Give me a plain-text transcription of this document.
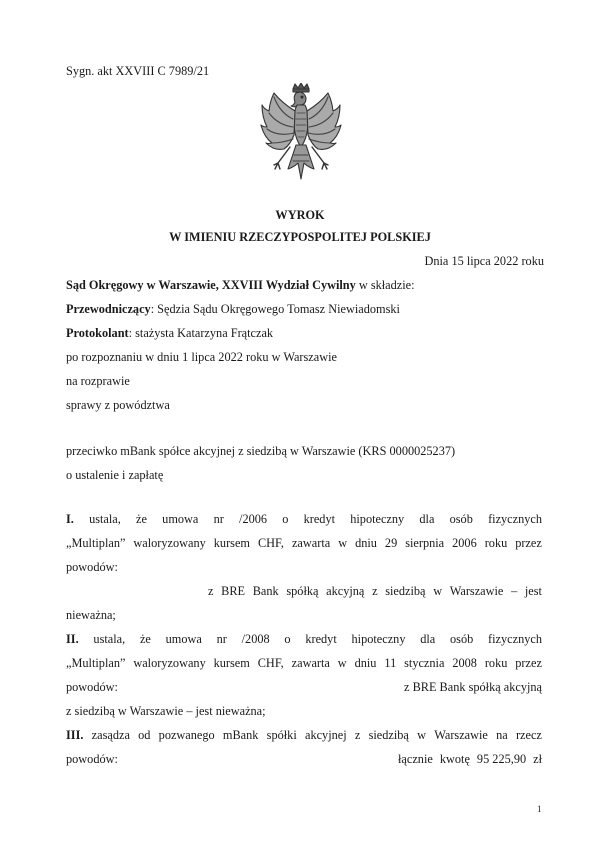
Sygn. akt XXVIII C 7989/21
WYROK
W IMIENIU RZECZYPOSPOLITEJ POLSKIEJ
Dnia 15 lipca 2022 roku
Sąd Okręgowy w Warszawie, XXVIII Wydział Cywilny w składzie:
Przewodniczący: Sędzia Sądu Okręgowego Tomasz Niewiadomski
Protokolant: stażysta Katarzyna Frątczak
po rozpoznaniu w dniu 1 lipca 2022 roku w Warszawie
na rozprawie
sprawy z powództwa
przeciwko mBank spółce akcyjnej z siedzibą w Warszawie (KRS 0000025237)
o ustalenie i zapłatę
I. ustala, że umowa nr /2006 o kredyt hipoteczny dla osób fizycznych
„Multiplan” waloryzowany kursem CHF, zawarta w dniu 29 sierpnia 2006 roku przez
powodów:
z BRE Bank spółką akcyjną z siedzibą w Warszawie – jest
nieważna;
II. ustala, że umowa nr /2008 o kredyt hipoteczny dla osób fizycznych
„Multiplan” waloryzowany kursem CHF, zawarta w dniu 11 stycznia 2008 roku przez
powodów:	z BRE Bank spółką akcyjną
z siedzibą w Warszawie – jest nieważna;
III. zasądza od pozwanego mBank spółki akcyjnej z siedzibą w Warszawie na rzecz
powodów:	łącznie kwotę 95 225,90 zł
1
